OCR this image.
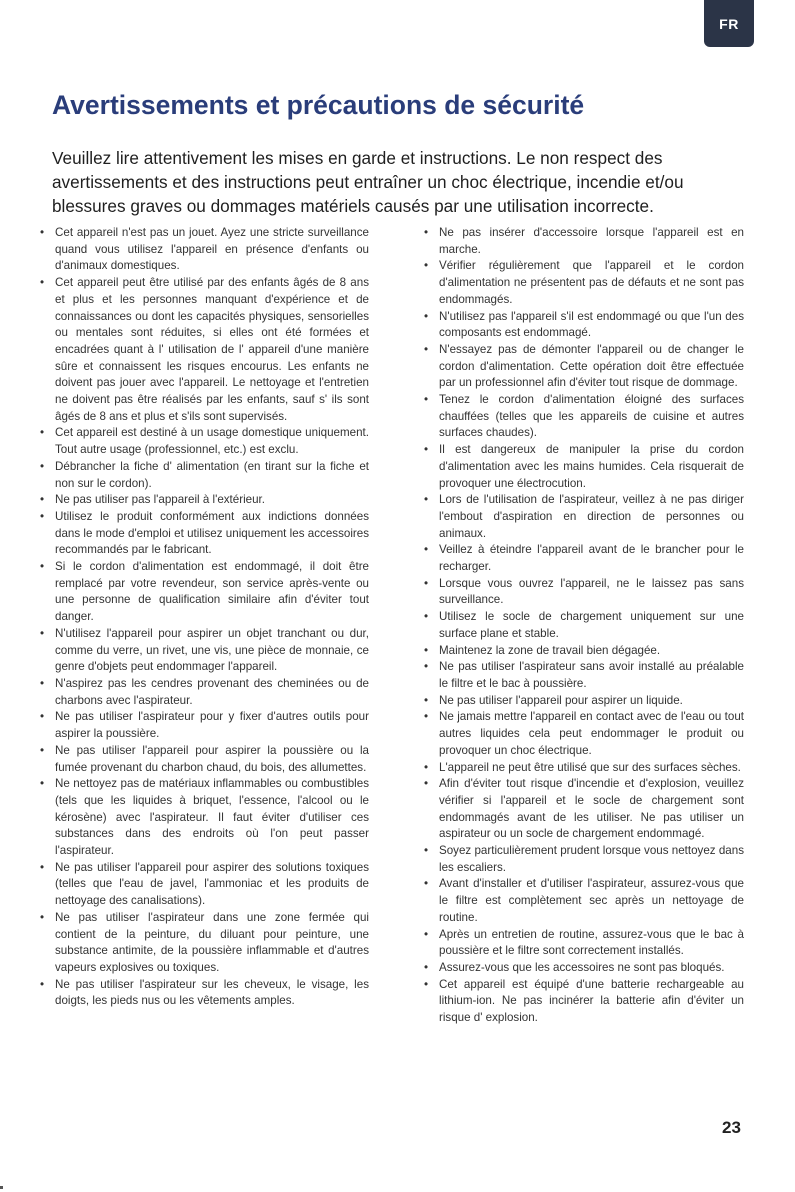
FR
Avertissements et précautions de sécurité

Veuillez lire attentivement les mises en garde et instructions. Le non respect des avertissements et des instructions peut entraîner un choc électrique, incendie et/ou blessures graves ou dommages matériels causés par une utilisation incorrecte.

• Cet appareil n'est pas un jouet. Ayez une stricte surveillance quand vous utilisez l'appareil en présence d'enfants ou d'animaux domestiques.
• Cet appareil peut être utilisé par des enfants âgés de 8 ans et plus et les personnes manquant d'expérience et de connaissances ou dont les capacités physiques, sensorielles ou mentales sont réduites, si elles ont été formées et encadrées quant à l' utilisation de l' appareil d'une manière sûre et connaissent les risques encourus. Les enfants ne doivent pas jouer avec l'appareil. Le nettoyage et l'entretien ne doivent pas être réalisés par les enfants, sauf s' ils sont âgés de 8 ans et plus et s'ils sont supervisés.
• Cet appareil est destiné à un usage domestique uniquement. Tout autre usage (professionnel, etc.) est exclu.
• Débrancher la fiche d' alimentation (en tirant sur la fiche et non sur le cordon).
• Ne pas utiliser pas l'appareil à l'extérieur.
• Utilisez le produit conformément aux indictions données dans le mode d'emploi et utilisez uniquement les accessoires recommandés par le fabricant.
• Si le cordon d'alimentation est endommagé, il doit être remplacé par votre revendeur, son service après-vente ou une personne de qualification similaire afin d'éviter tout danger.
• N'utilisez l'appareil pour aspirer un objet tranchant ou dur, comme du verre, un rivet, une vis, une pièce de monnaie, ce genre d'objets peut endommager l'appareil.
• N'aspirez pas les cendres provenant des cheminées ou de charbons avec l'aspirateur.
• Ne pas utiliser l'aspirateur pour y fixer d'autres outils pour aspirer la poussière.
• Ne pas utiliser l'appareil pour aspirer la poussière ou la fumée provenant du charbon chaud, du bois, des allumettes.
• Ne nettoyez pas de matériaux inflammables ou combustibles (tels que les liquides à briquet, l'essence, l'alcool ou le kérosène) avec l'aspirateur. Il faut éviter d'utiliser ces substances dans des endroits où l'on peut passer l'aspirateur.
• Ne pas utiliser l'appareil pour aspirer des solutions toxiques (telles que l'eau de javel, l'ammoniac et les produits de nettoyage des canalisations).
• Ne pas utiliser l'aspirateur dans une zone fermée qui contient de la peinture, du diluant pour peinture, une substance antimite, de la poussière inflammable et d'autres vapeurs explosives ou toxiques.
• Ne pas utiliser l'aspirateur sur les cheveux, le visage, les doigts, les pieds nus ou les vêtements amples.
• Ne pas insérer d'accessoire lorsque l'appareil est en marche.
• Vérifier régulièrement que l'appareil et le cordon d'alimentation ne présentent pas de défauts et ne sont pas endommagés.
• N'utilisez pas l'appareil s'il est endommagé ou que l'un des composants est endommagé.
• N'essayez pas de démonter l'appareil ou de changer le cordon d'alimentation. Cette opération doit être effectuée par un professionnel afin d'éviter tout risque de dommage.
• Tenez le cordon d'alimentation éloigné des surfaces chauffées (telles que les appareils de cuisine et autres surfaces chaudes).
• Il est dangereux de manipuler la prise du cordon d'alimentation avec les mains humides. Cela risquerait de provoquer une électrocution.
• Lors de l'utilisation de l'aspirateur, veillez à ne pas diriger l'embout d'aspiration en direction de personnes ou animaux.
• Veillez à éteindre l'appareil avant de le brancher pour le recharger.
• Lorsque vous ouvrez l'appareil, ne le laissez pas sans surveillance.
• Utilisez le socle de chargement uniquement sur une surface plane et stable.
• Maintenez la zone de travail bien dégagée.
• Ne pas utiliser l'aspirateur sans avoir installé au préalable le filtre et le bac à poussière.
• Ne pas utiliser l'appareil pour aspirer un liquide.
• Ne jamais mettre l'appareil en contact avec de l'eau ou tout autres liquides cela peut endommager le produit ou provoquer un choc électrique.
• L'appareil ne peut être utilisé que sur des surfaces sèches.
• Afin d'éviter tout risque d'incendie et d'explosion, veuillez vérifier si l'appareil et le socle de chargement sont endommagés avant de les utiliser. Ne pas utiliser un aspirateur ou un socle de chargement endommagé.
• Soyez particulièrement prudent lorsque vous nettoyez dans les escaliers.
• Avant d'installer et d'utiliser l'aspirateur, assurez-vous que le filtre est complètement sec après un nettoyage de routine.
• Après un entretien de routine, assurez-vous que le bac à poussière et le filtre sont correctement installés.
• Assurez-vous que les accessoires ne sont pas bloqués.
• Cet appareil est équipé d'une batterie rechargeable au lithium-ion. Ne pas incinérer la batterie afin d'éviter un risque d' explosion.
23
